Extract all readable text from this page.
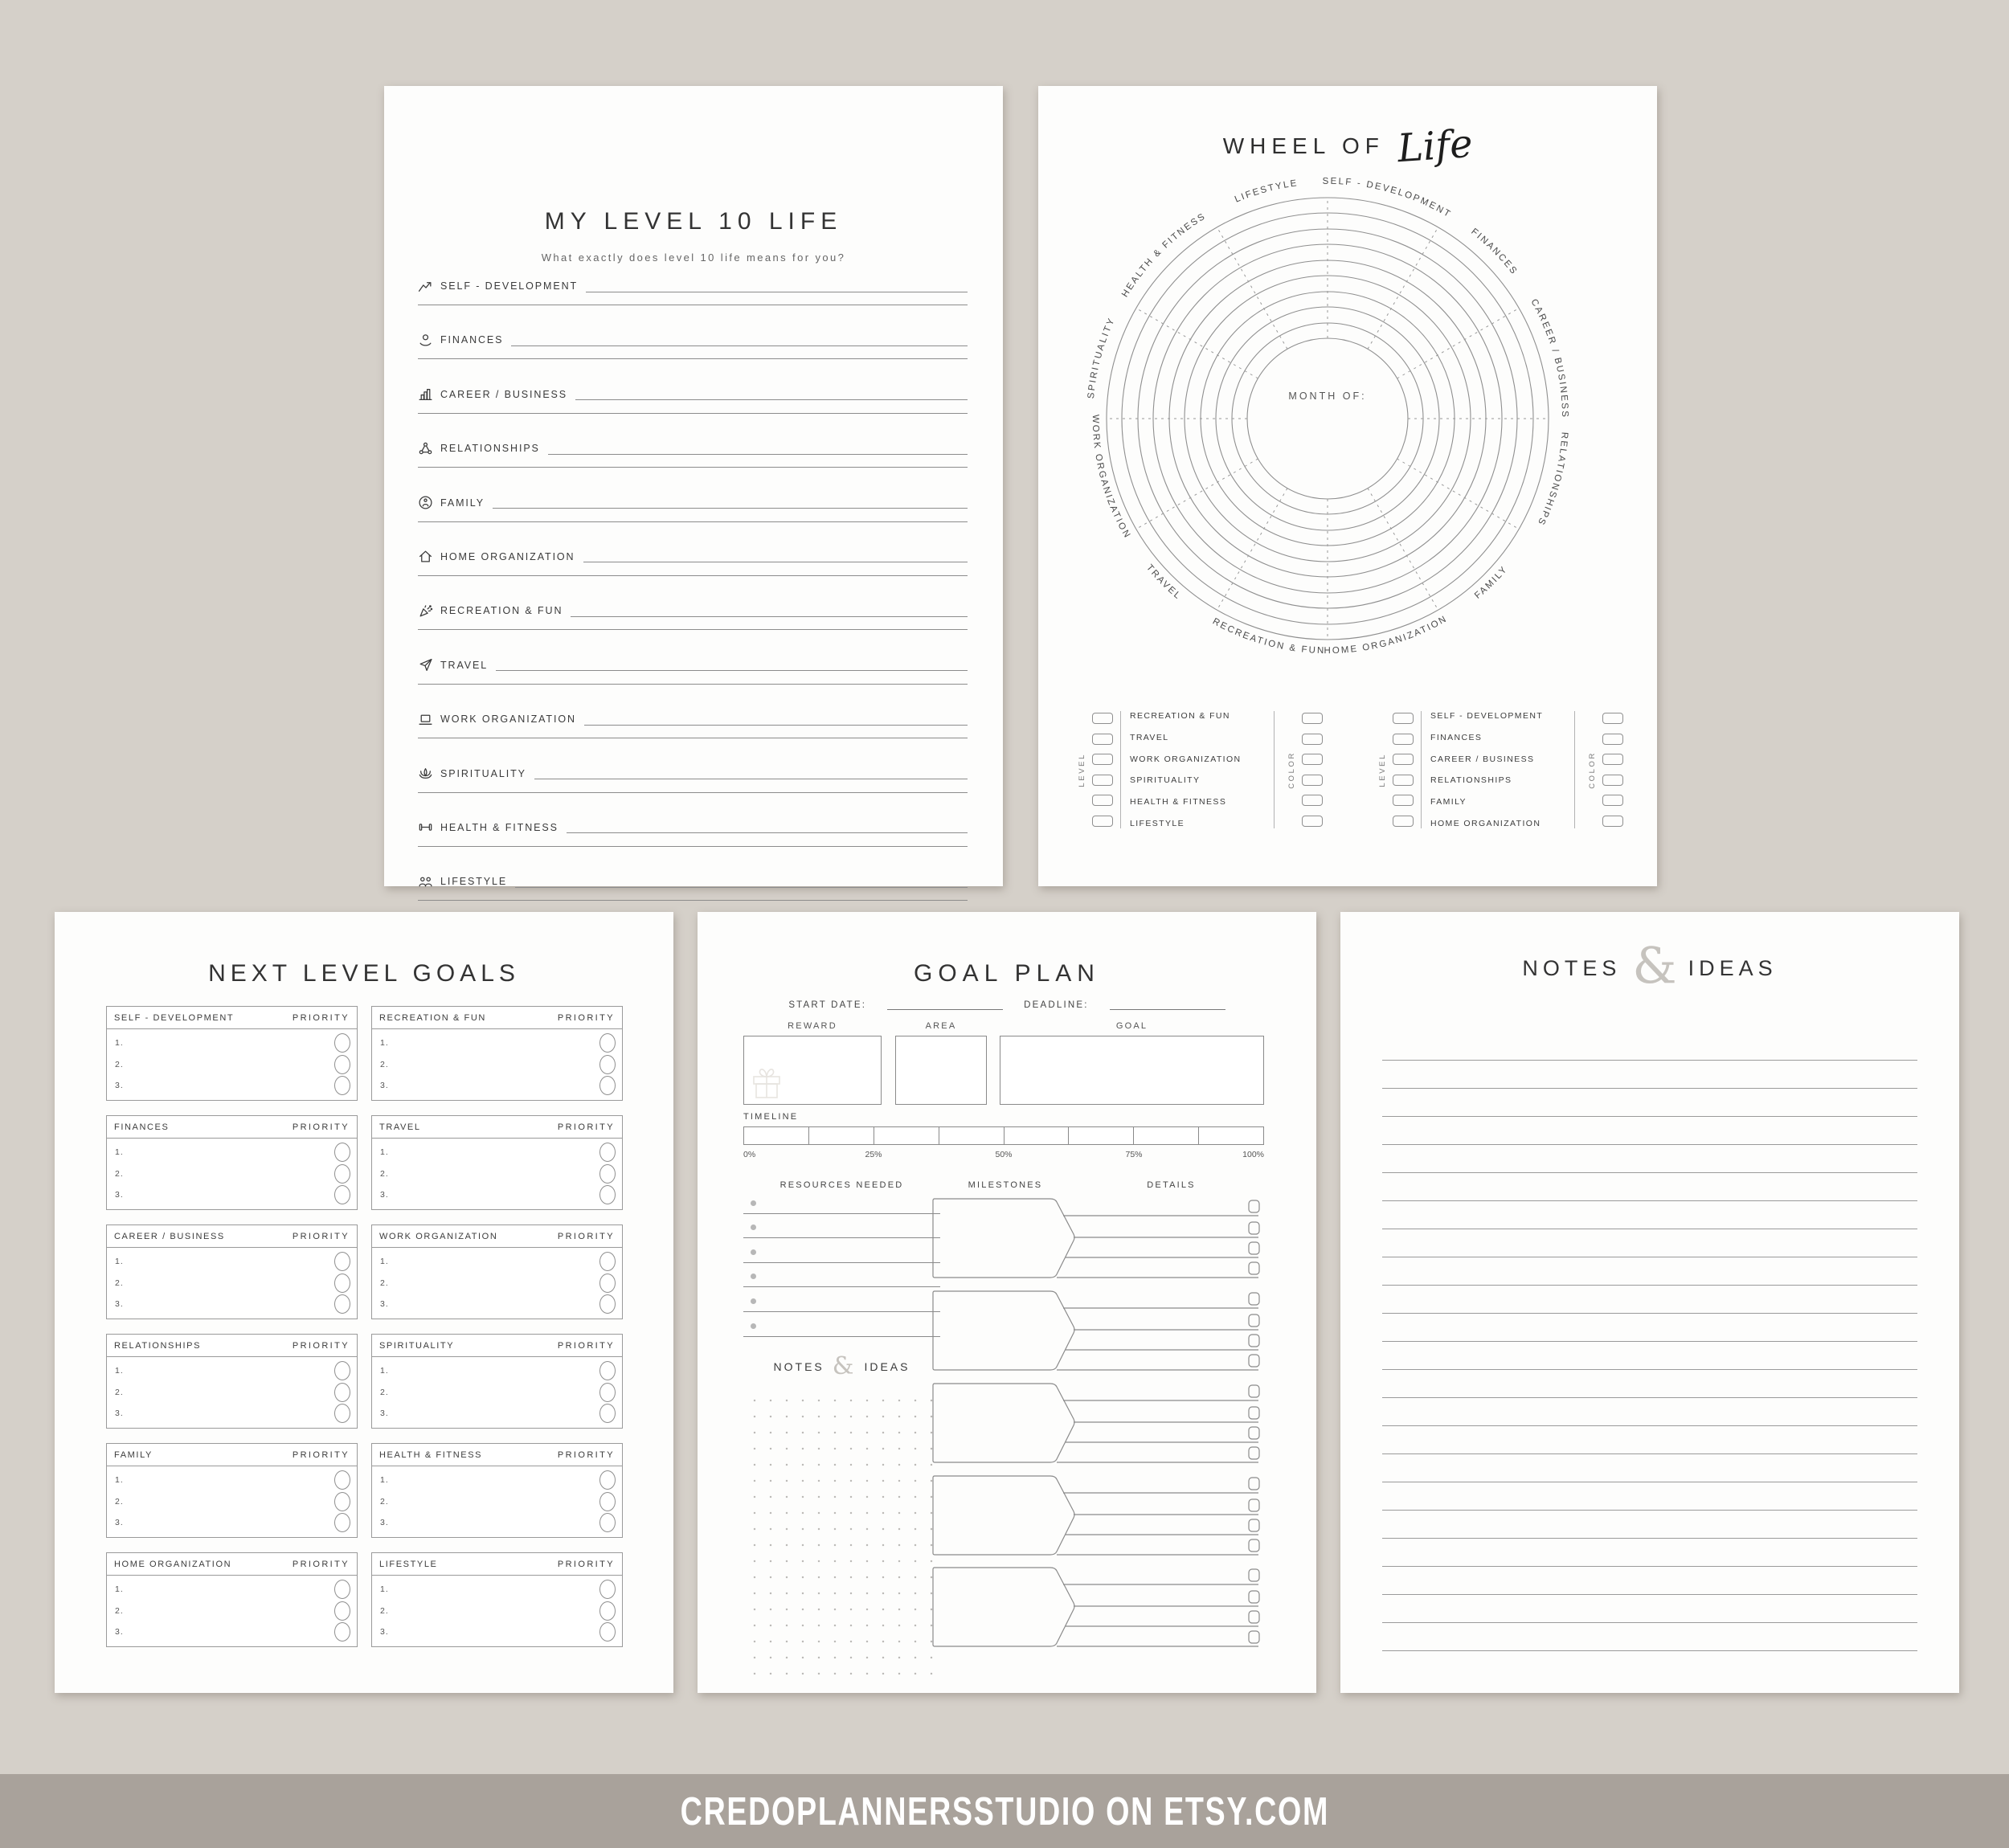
MY LEVEL 10 LIFE
What exactly does level 10 life means for you?
SELF - DEVELOPMENT
FINANCES
CAREER / BUSINESS
RELATIONSHIPS
FAMILY
HOME ORGANIZATION
RECREATION & FUN
TRAVEL
WORK ORGANIZATION
SPIRITUALITY
HEALTH & FITNESS
LIFESTYLE
WHEEL OF Life
SELF - DEVELOPMENT
FINANCES
CAREER / BUSINESS
RELATIONSHIPS
FAMILY
HOME ORGANIZATION
RECREATION & FUN
TRAVEL
WORK ORGANIZATION
SPIRITUALITY
HEALTH & FITNESS
LIFESTYLE
MONTH OF:
LEVEL
RECREATION & FUN
TRAVEL
WORK ORGANIZATION
SPIRITUALITY
HEALTH & FITNESS
LIFESTYLE
COLOR	LEVEL
SELF - DEVELOPMENT
FINANCES
CAREER / BUSINESS
RELATIONSHIPS
FAMILY
HOME ORGANIZATION
COLOR
NEXT LEVEL GOALS
SELF - DEVELOPMENT	PRIORITY
1.
2.
3.
FINANCES	PRIORITY
1.
2.
3.
CAREER / BUSINESS	PRIORITY
1.
2.
3.
RELATIONSHIPS	PRIORITY
1.
2.
3.
FAMILY	PRIORITY
1.
2.
3.
HOME ORGANIZATION	PRIORITY
1.
2.
3.
RECREATION & FUN	PRIORITY
1.
2.
3.
TRAVEL	PRIORITY
1.
2.
3.
WORK ORGANIZATION	PRIORITY
1.
2.
3.
SPIRITUALITY	PRIORITY
1.
2.
3.
HEALTH & FITNESS	PRIORITY
1.
2.
3.
LIFESTYLE	PRIORITY
1.
2.
3.
GOAL PLAN
START DATE:	DEADLINE:
REWARD	AREA	GOAL
TIMELINE
0%	25%	50%	75%	100%
RESOURCES NEEDED	MILESTONES	DETAILS
NOTES & IDEAS
NOTES & IDEAS
CREDOPLANNERSSTUDIO ON ETSY.COM
